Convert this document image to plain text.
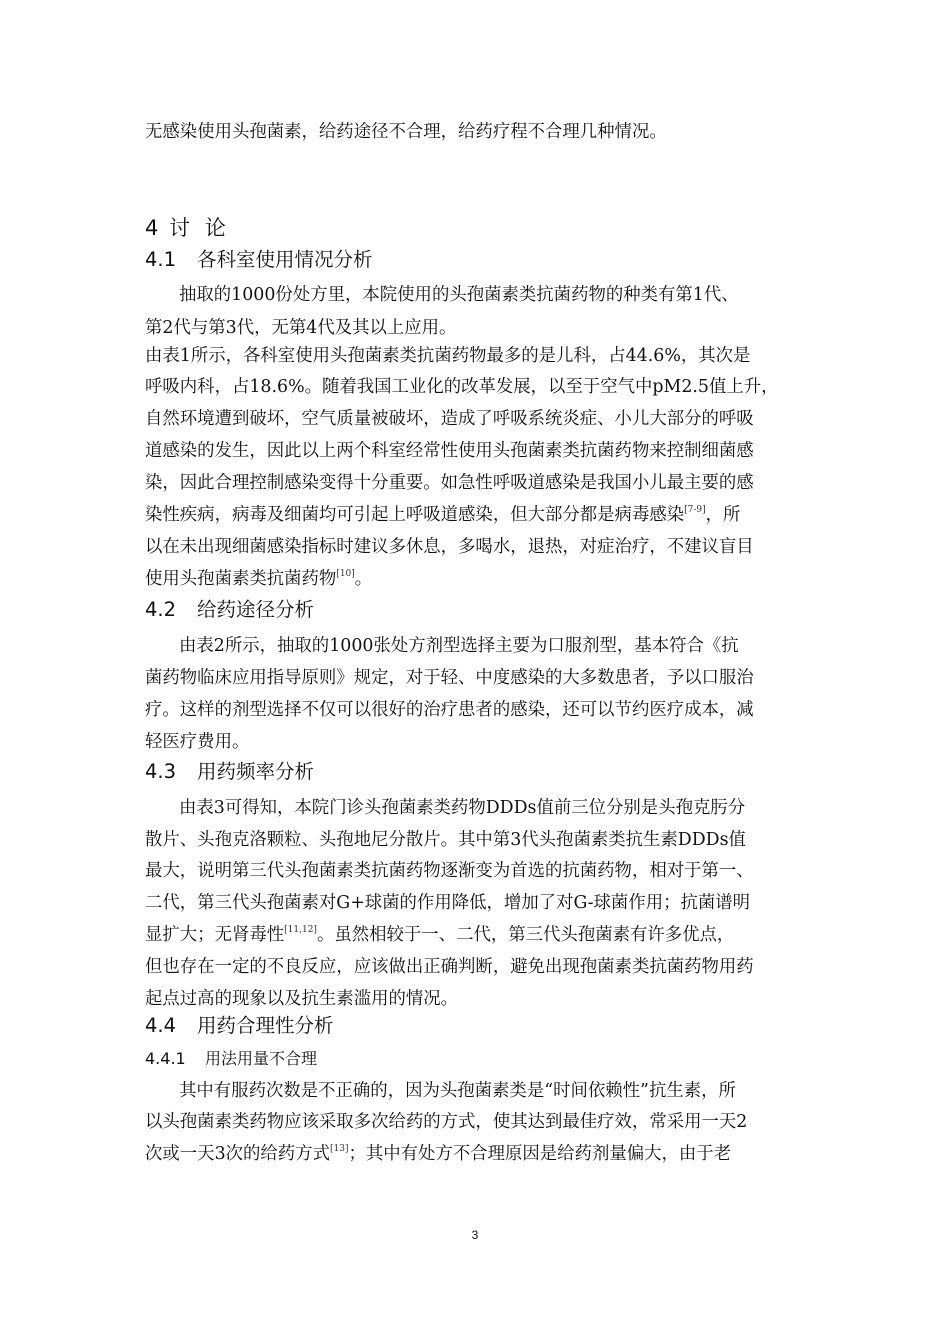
无感染使用头孢菌素，给药途径不合理，给药疗程不合理几种情况。
4 讨  论
4.1 各科室使用情况分析
抽取的1000份处方里，本院使用的头孢菌素类抗菌药物的种类有第1代、
第2代与第3代，无第4代及其以上应用。
由表1所示，各科室使用头孢菌素类抗菌药物最多的是儿科，占44.6%，其次是
呼吸内科，占18.6%。随着我国工业化的改革发展，以至于空气中pM2.5值上升，
自然环境遭到破坏，空气质量被破坏，造成了呼吸系统炎症、小儿大部分的呼吸
道感染的发生，因此以上两个科室经常性使用头孢菌素类抗菌药物来控制细菌感
染，因此合理控制感染变得十分重要。如急性呼吸道感染是我国小儿最主要的感
染性疾病，病毒及细菌均可引起上呼吸道感染，但大部分都是病毒感染[7-9]，所
以在未出现细菌感染指标时建议多休息，多喝水，退热，对症治疗，不建议盲目
使用头孢菌素类抗菌药物[10]。
4.2 给药途径分析
由表2所示，抽取的1000张处方剂型选择主要为口服剂型，基本符合《抗
菌药物临床应用指导原则》规定，对于轻、中度感染的大多数患者，予以口服治
疗。这样的剂型选择不仅可以很好的治疗患者的感染，还可以节约医疗成本，减
轻医疗费用。
4.3 用药频率分析
由表3可得知，本院门诊头孢菌素类药物DDDs值前三位分别是头孢克肟分
散片、头孢克洛颗粒、头孢地尼分散片。其中第3代头孢菌素类抗生素DDDs值
最大，说明第三代头孢菌素类抗菌药物逐渐变为首选的抗菌药物，相对于第一、
二代，第三代头孢菌素对G+球菌的作用降低，增加了对G-球菌作用；抗菌谱明
显扩大；无肾毒性[11,12]。虽然相较于一、二代，第三代头孢菌素有许多优点，
但也存在一定的不良反应，应该做出正确判断，避免出现孢菌素类抗菌药物用药
起点过高的现象以及抗生素滥用的情况。
4.4 用药合理性分析
4.4.1 用法用量不合理
其中有服药次数是不正确的，因为头孢菌素类是“时间依赖性”抗生素，所
以头孢菌素类药物应该采取多次给药的方式，使其达到最佳疗效，常采用一天2
次或一天3次的给药方式[13]；其中有处方不合理原因是给药剂量偏大，由于老
3
